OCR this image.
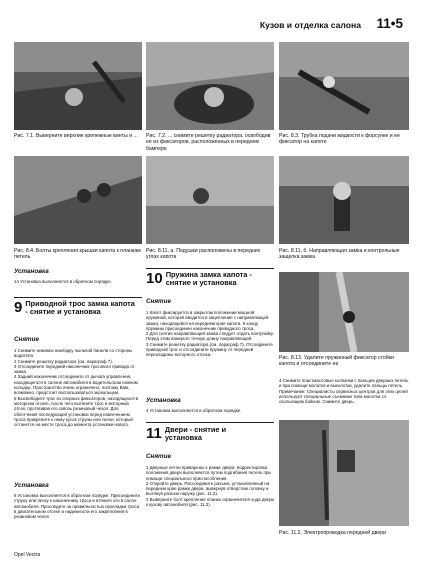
Кузов и отделка салона 11•5

Рис. 7.1. Выверните верхние крепежные винты и ...	Рис. 7.2. ... снимите решетку радиатора, освободив ее из фиксаторов, расположенных в переднем бампере

Рис. 8.3. Трубка подачи жидкости к форсунке и ее фиксатор на капоте

Рис. 8.4. Болты крепления крышки капота к планкам петель

Рис. 8.11, а. Подушки расположены в передних углах капота

Рис. 8.11, б. Направляющая замка и контрольные защелка замка

Установка

14 Установка выполняется в обратном порядке.

9 Приводной трос замка капота - снятие и установка

Снятие

1 Снимите нижнюю накладку пыльной панели со стороны водителя.

2 Снимите решетку радиатора (см. параграф 7).

3 Отсоедините передний наконечник тросового привода от замка.

4 Задний наконечник отсоедините от рычага управления, находящегося в салоне автомобиля в водительском ножном колодце. Пространство очень ограничено, поэтому Вам, возможно, предстоит воспользоваться зеркальцем.

5 Высвободите трос из опорных фиксаторов, находящихся в моторном отсеке, после чего вытяните трос в моторный отсек, протягивая его сквозь резиновый чехол. Для облегчения последующей установки перед извлечением троса прикрепите к нему кусок струны или лески, который останется на месте троса до момента установки нового.

Установка

6 Установка выполняется в обратном порядке. Присоедините струну или леску к наконечнику троса и втяните его в салон автомобиля. Проследите за правильностью прокладки троса в двигательном отсеке и надежности его закрепления в резиновом чехле.

10 Пружина замка капота - снятие и установка

Снятие

1 Капот фиксируется в закрытом положении мощной пружиной, которая вводится в зацепление с направляющей замка, находящейся на переднем крае капота. К концу пружины присоединен наконечник приводного троса.

2 Для снятия направляющей замка следует отдать контргайку. Перед этим измерьте точную длину направляющей.

3 Снимите решетку радиатора (см. параграф 7). Отсоедините приводной трос и отсоедините пружину от передней перекладины моторного отсека.

Установка

4 Установка выполняется в обратном порядке.

11 Двери - снятие и установка

Снятие

1 Дверные петли приварены к рамке двери. Корректировка положения двери выполняется путем подгибания петель при помощи специального приспособления.

2 Откройте дверь. Рассоедините разъем, установленный на переднем крае рамки двери, вывернув отверстию головку и вытянув разъем наружу (рис. 11.2).

3 Выверните болт крепления планки ограничителя хода двери к кузову автомобиля (рис. 11.3).

Рис. 8.13. Удалите пружинный фиксатор стойки капота и отсоедините ее

4 Снимите пластмассовые колпачки с пальцев дверных петель и при помощи молотка и выколотки, удалите пальцы петель. Примечание: Специалисты сервисных центров для этих целей используют специальные съемники типа молотка со скользящим бойком. Снимите дверь.

Рис. 11.2. Электропроводка передней двери

Opel Vectra
